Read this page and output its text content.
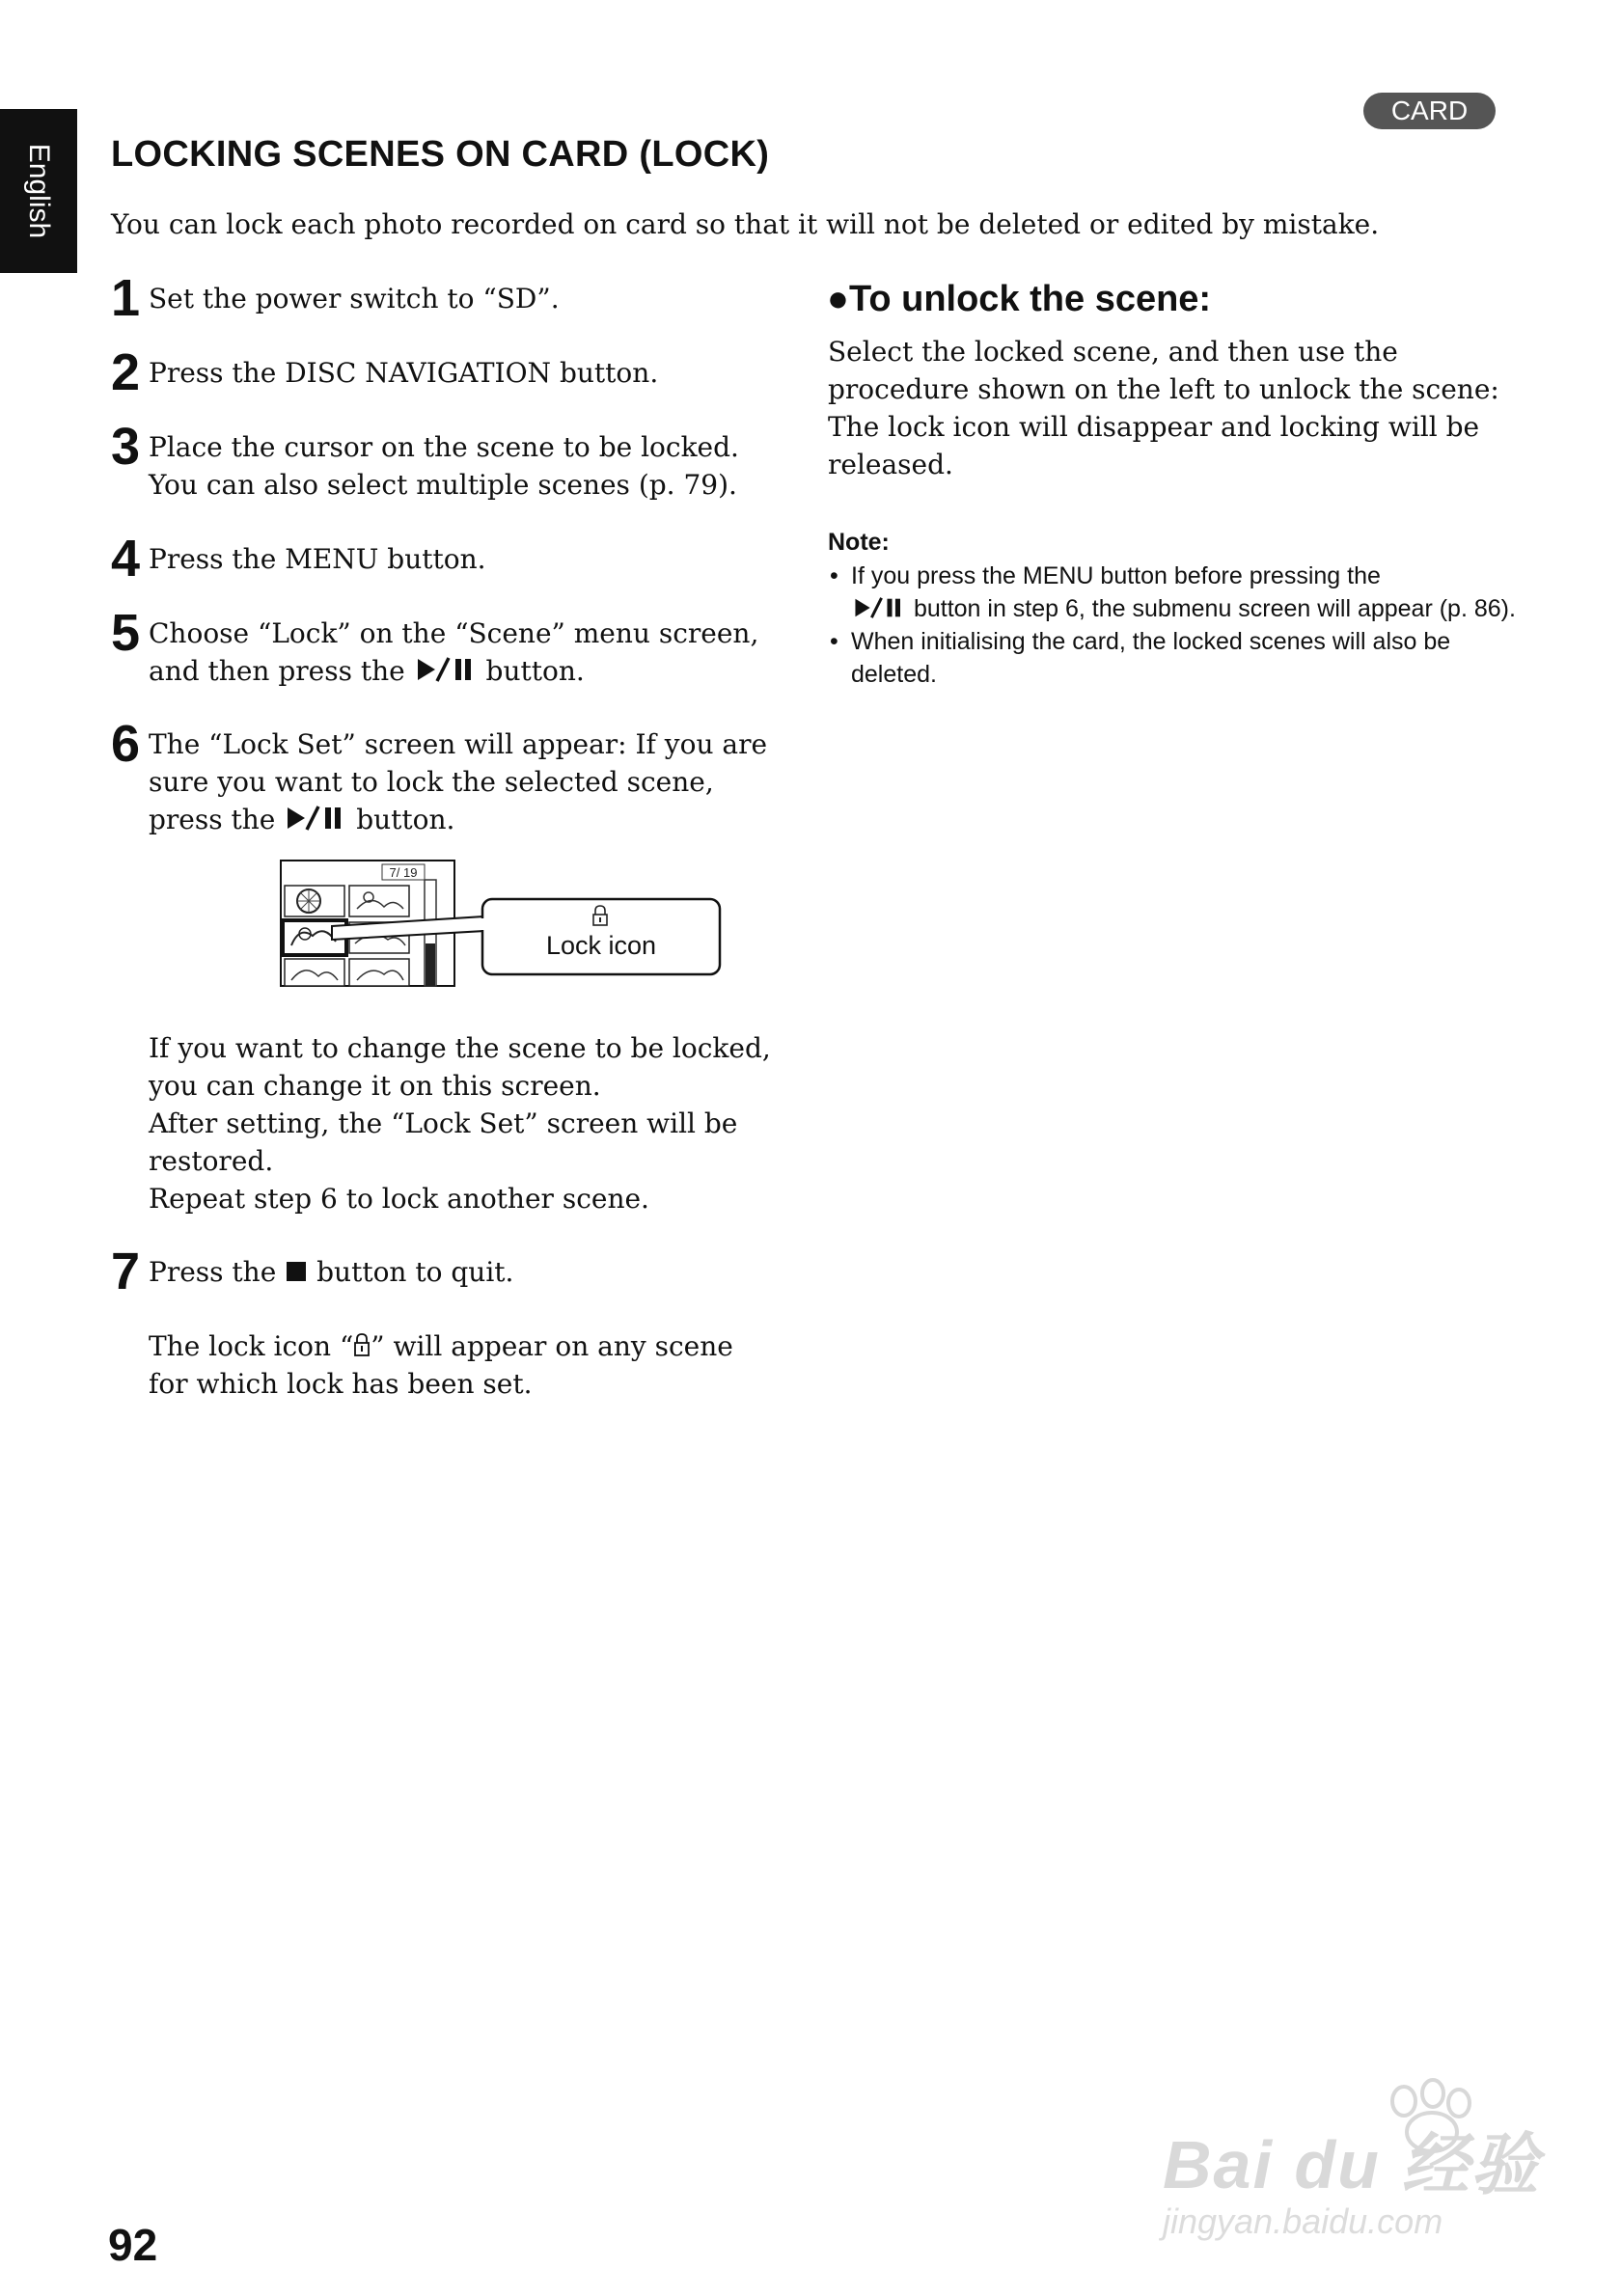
English
CARD
LOCKING SCENES ON CARD (LOCK)

You can lock each photo recorded on card so that it will not be deleted or edited by mistake.

1 Set the power switch to “SD”.

2 Press the DISC NAVIGATION button.

3 Place the cursor on the scene to be locked.

You can also select multiple scenes (p. 79).

4 Press the MENU button.

5 Choose “Lock” on the “Scene” menu screen,

and then press the	button.

6 The “Lock Set” screen will appear: If you are

sure you want to lock the selected scene,

press the	button.

7/ 19
Lock icon

If you want to change the scene to be locked,

you can change it on this screen.

After setting, the “Lock Set” screen will be

restored.

Repeat step 6 to lock another scene.

7 Press the button to quit.

The lock icon “ ” will appear on any scene

for which lock has been set.

●To unlock the scene:

Select the locked scene, and then use the procedure shown on the left to unlock the scene: The lock icon will disappear and locking will be released.

Note:
• If you press the MENU button before pressing the
button in step 6, the submenu screen will appear (p. 86).
• When initialising the card, the locked scenes will also be deleted.
92
Bai du 经验
jingyan.baidu.com
